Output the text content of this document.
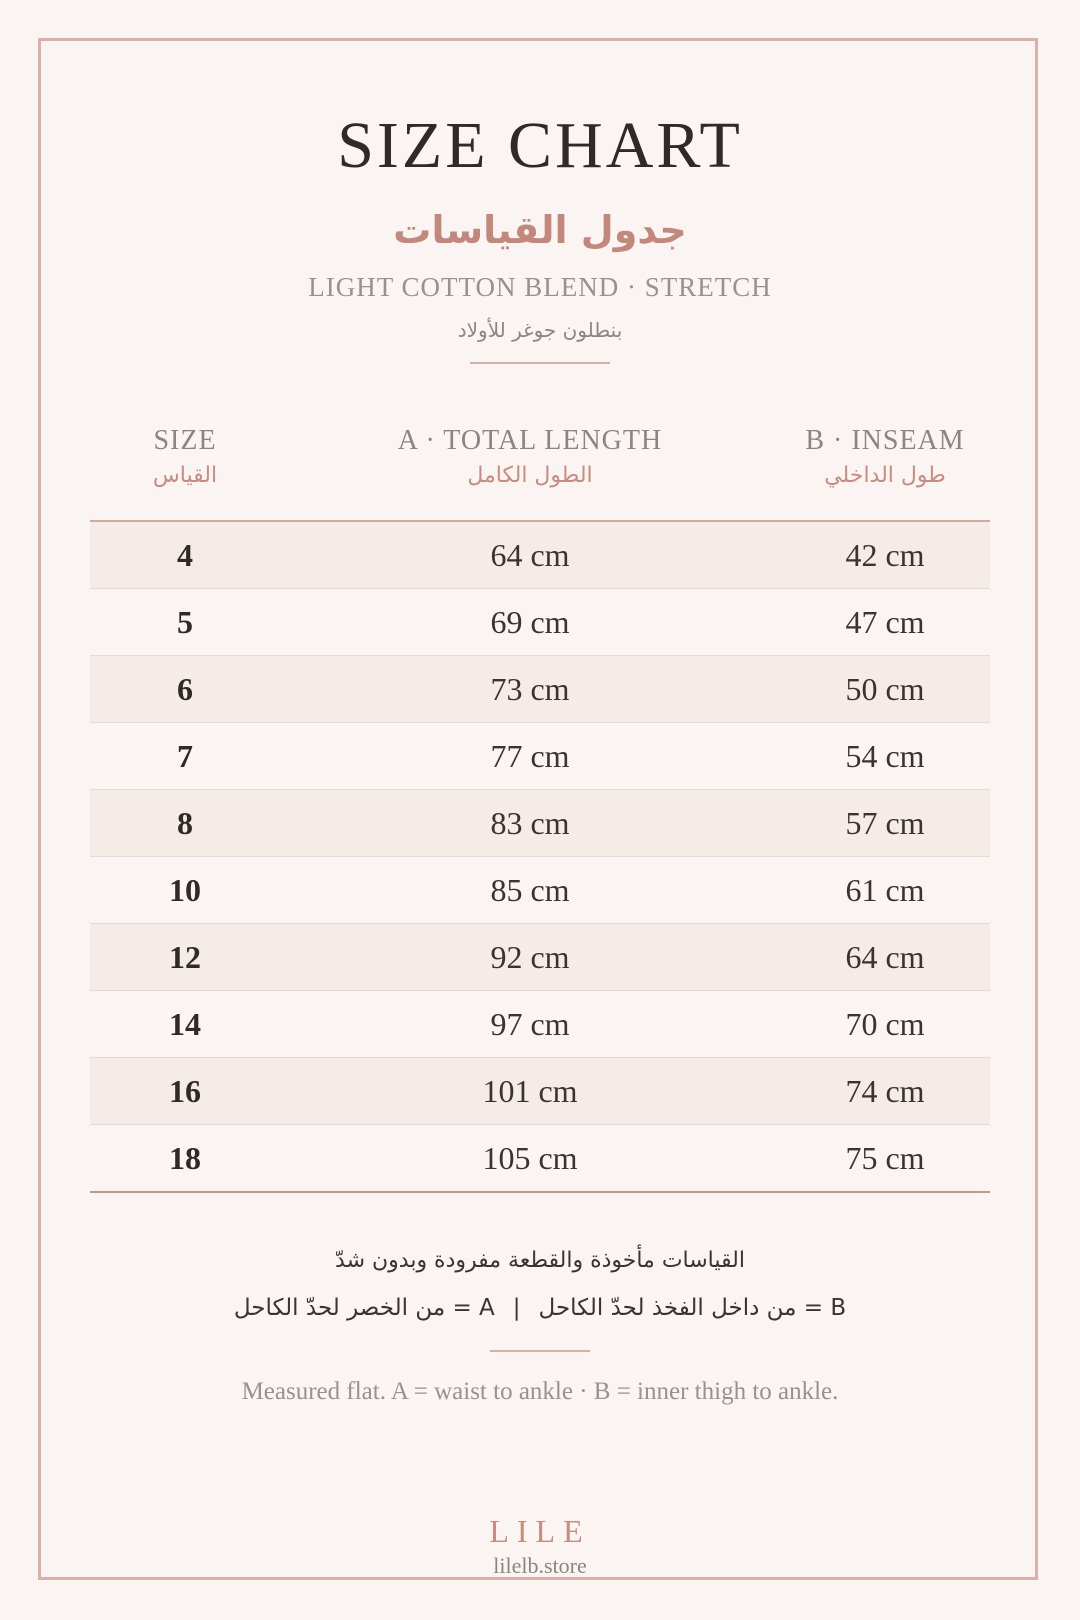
SIZE CHART
جدول القياسات
LIGHT COTTON BLEND · STRETCH
بنطلون جوغر للأولاد
SIZE
القياس
A · TOTAL LENGTH
الطول الكامل
B · INSEAM
طول الداخلي
4	64 cm	42 cm
5	69 cm	47 cm
6	73 cm	50 cm
7	77 cm	54 cm
8	83 cm	57 cm
10	85 cm	61 cm
12	92 cm	64 cm
14	97 cm	70 cm
16	101 cm	74 cm
18	105 cm	75 cm
القياسات مأخوذة والقطعة مفرودة وبدون شدّ
B = من داخل الفخذ لحدّ الكاحل|A = من الخصر لحدّ الكاحل
Measured flat. A = waist to ankle · B = inner thigh to ankle.
LILE
lilelb.store
